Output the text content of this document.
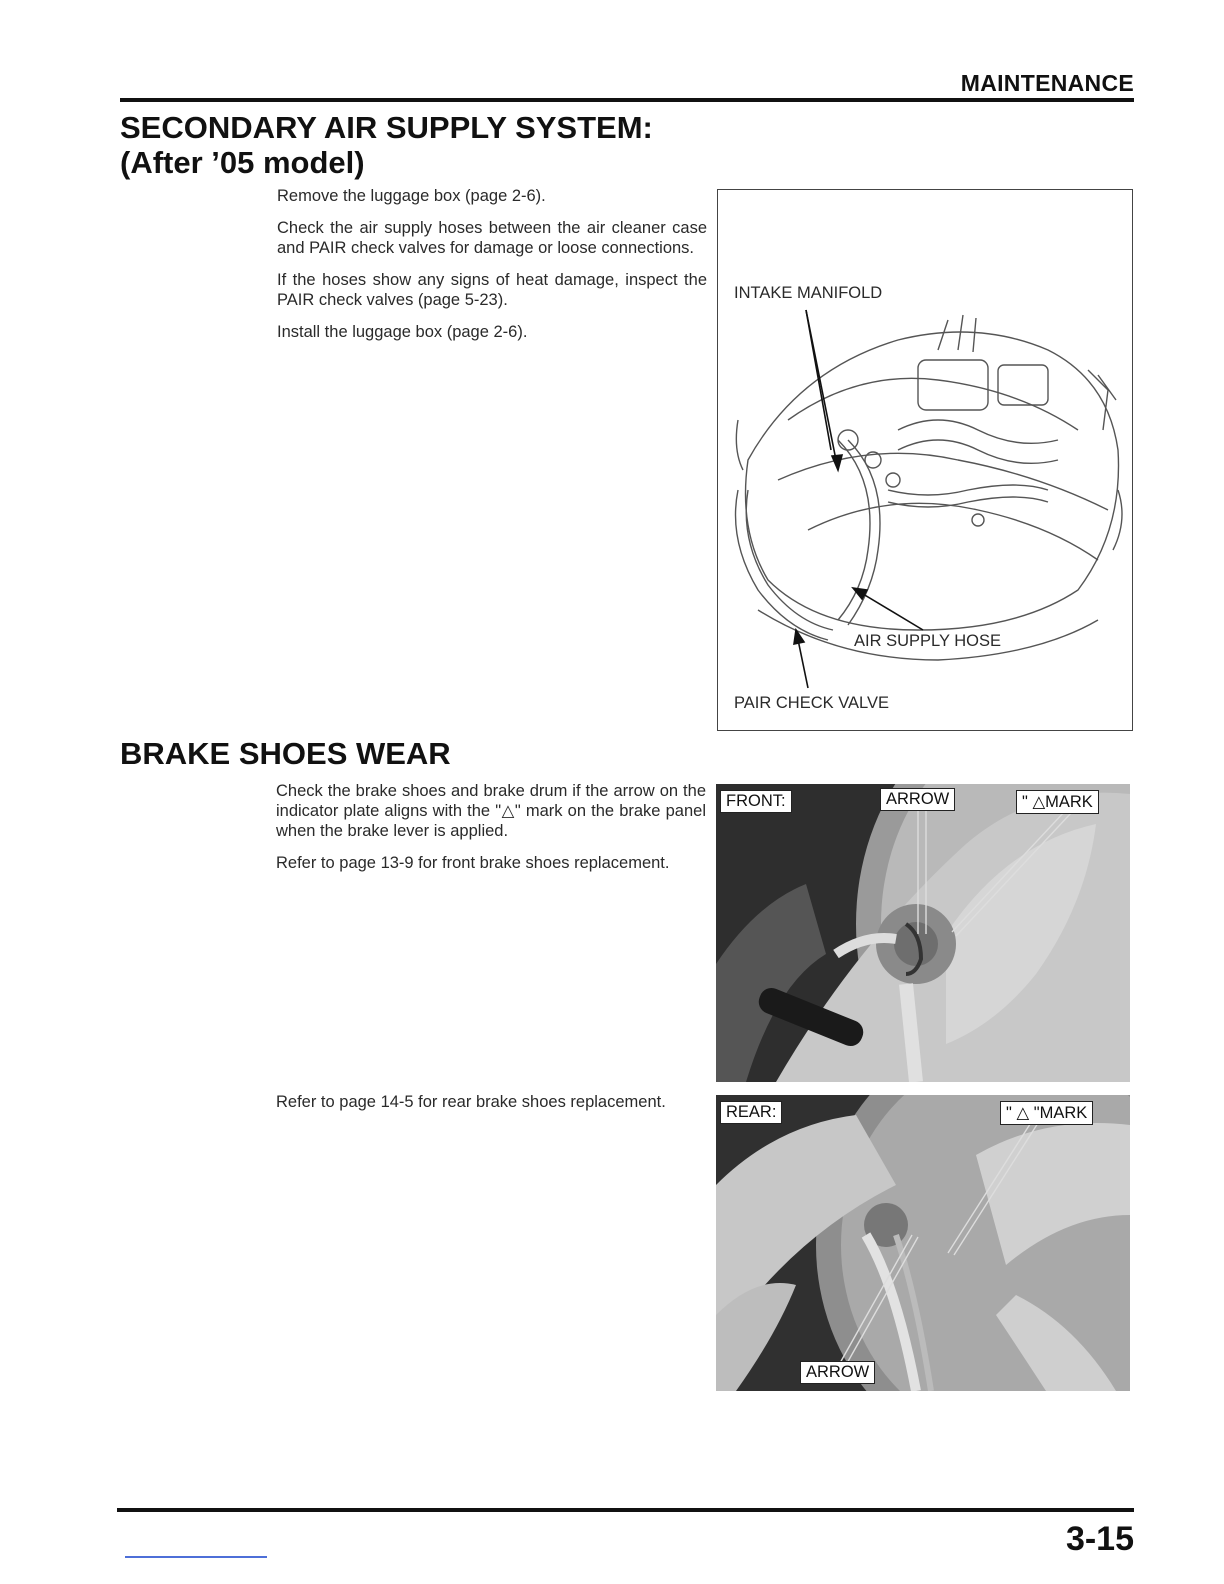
MAINTENANCE
SECONDARY AIR SUPPLY SYSTEM:
(After ’05 model)

Remove the luggage box (page 2-6).

Check the air supply hoses between the air cleaner case and PAIR check valves for damage or loose connections.

If the hoses show any signs of heat damage, inspect the PAIR check valves (page 5-23).

Install the luggage box (page 2-6).

INTAKE MANIFOLD
AIR SUPPLY HOSE
PAIR CHECK VALVE
BRAKE SHOES WEAR

Check the brake shoes and brake drum if the arrow on the indicator plate aligns with the "△" mark on the brake panel when the brake lever is applied.

Refer to page 13-9 for front brake shoes replacement.

Refer to page 14-5 for rear brake shoes replacement.
FRONT:	ARROW	" △MARK
REAR:	" △ "MARK
ARROW
3-15
